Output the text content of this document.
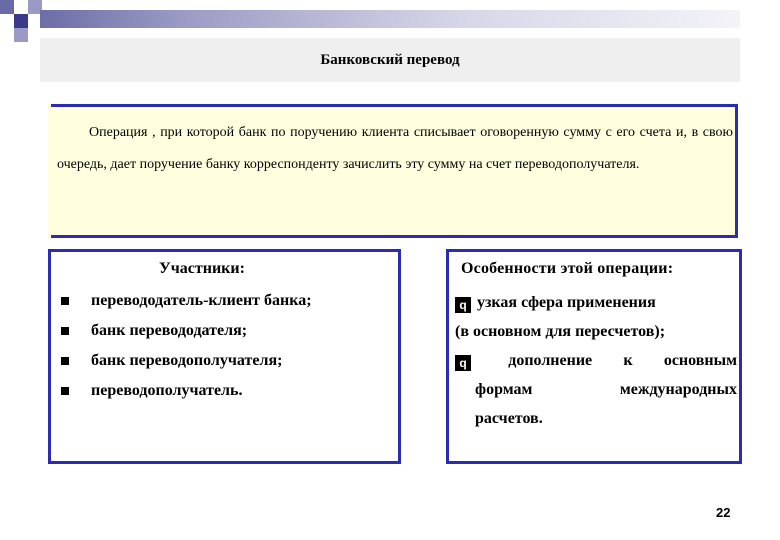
Банковский перевод
Операция , при которой банк по поручению клиента списывает оговоренную сумму с его счета и, в свою очередь, дает поручение банку корреспонденту зачислить эту сумму на счет переводополучателя.
Участники:
перевододатель-клиент банка;
банк перевододателя;
банк переводополучателя;
переводополучатель.
Особенности этой операции:
q узкая сфера применения
(в основном для пересчетов);
q	дополнение к основным
формам	международных
расчетов.
22
